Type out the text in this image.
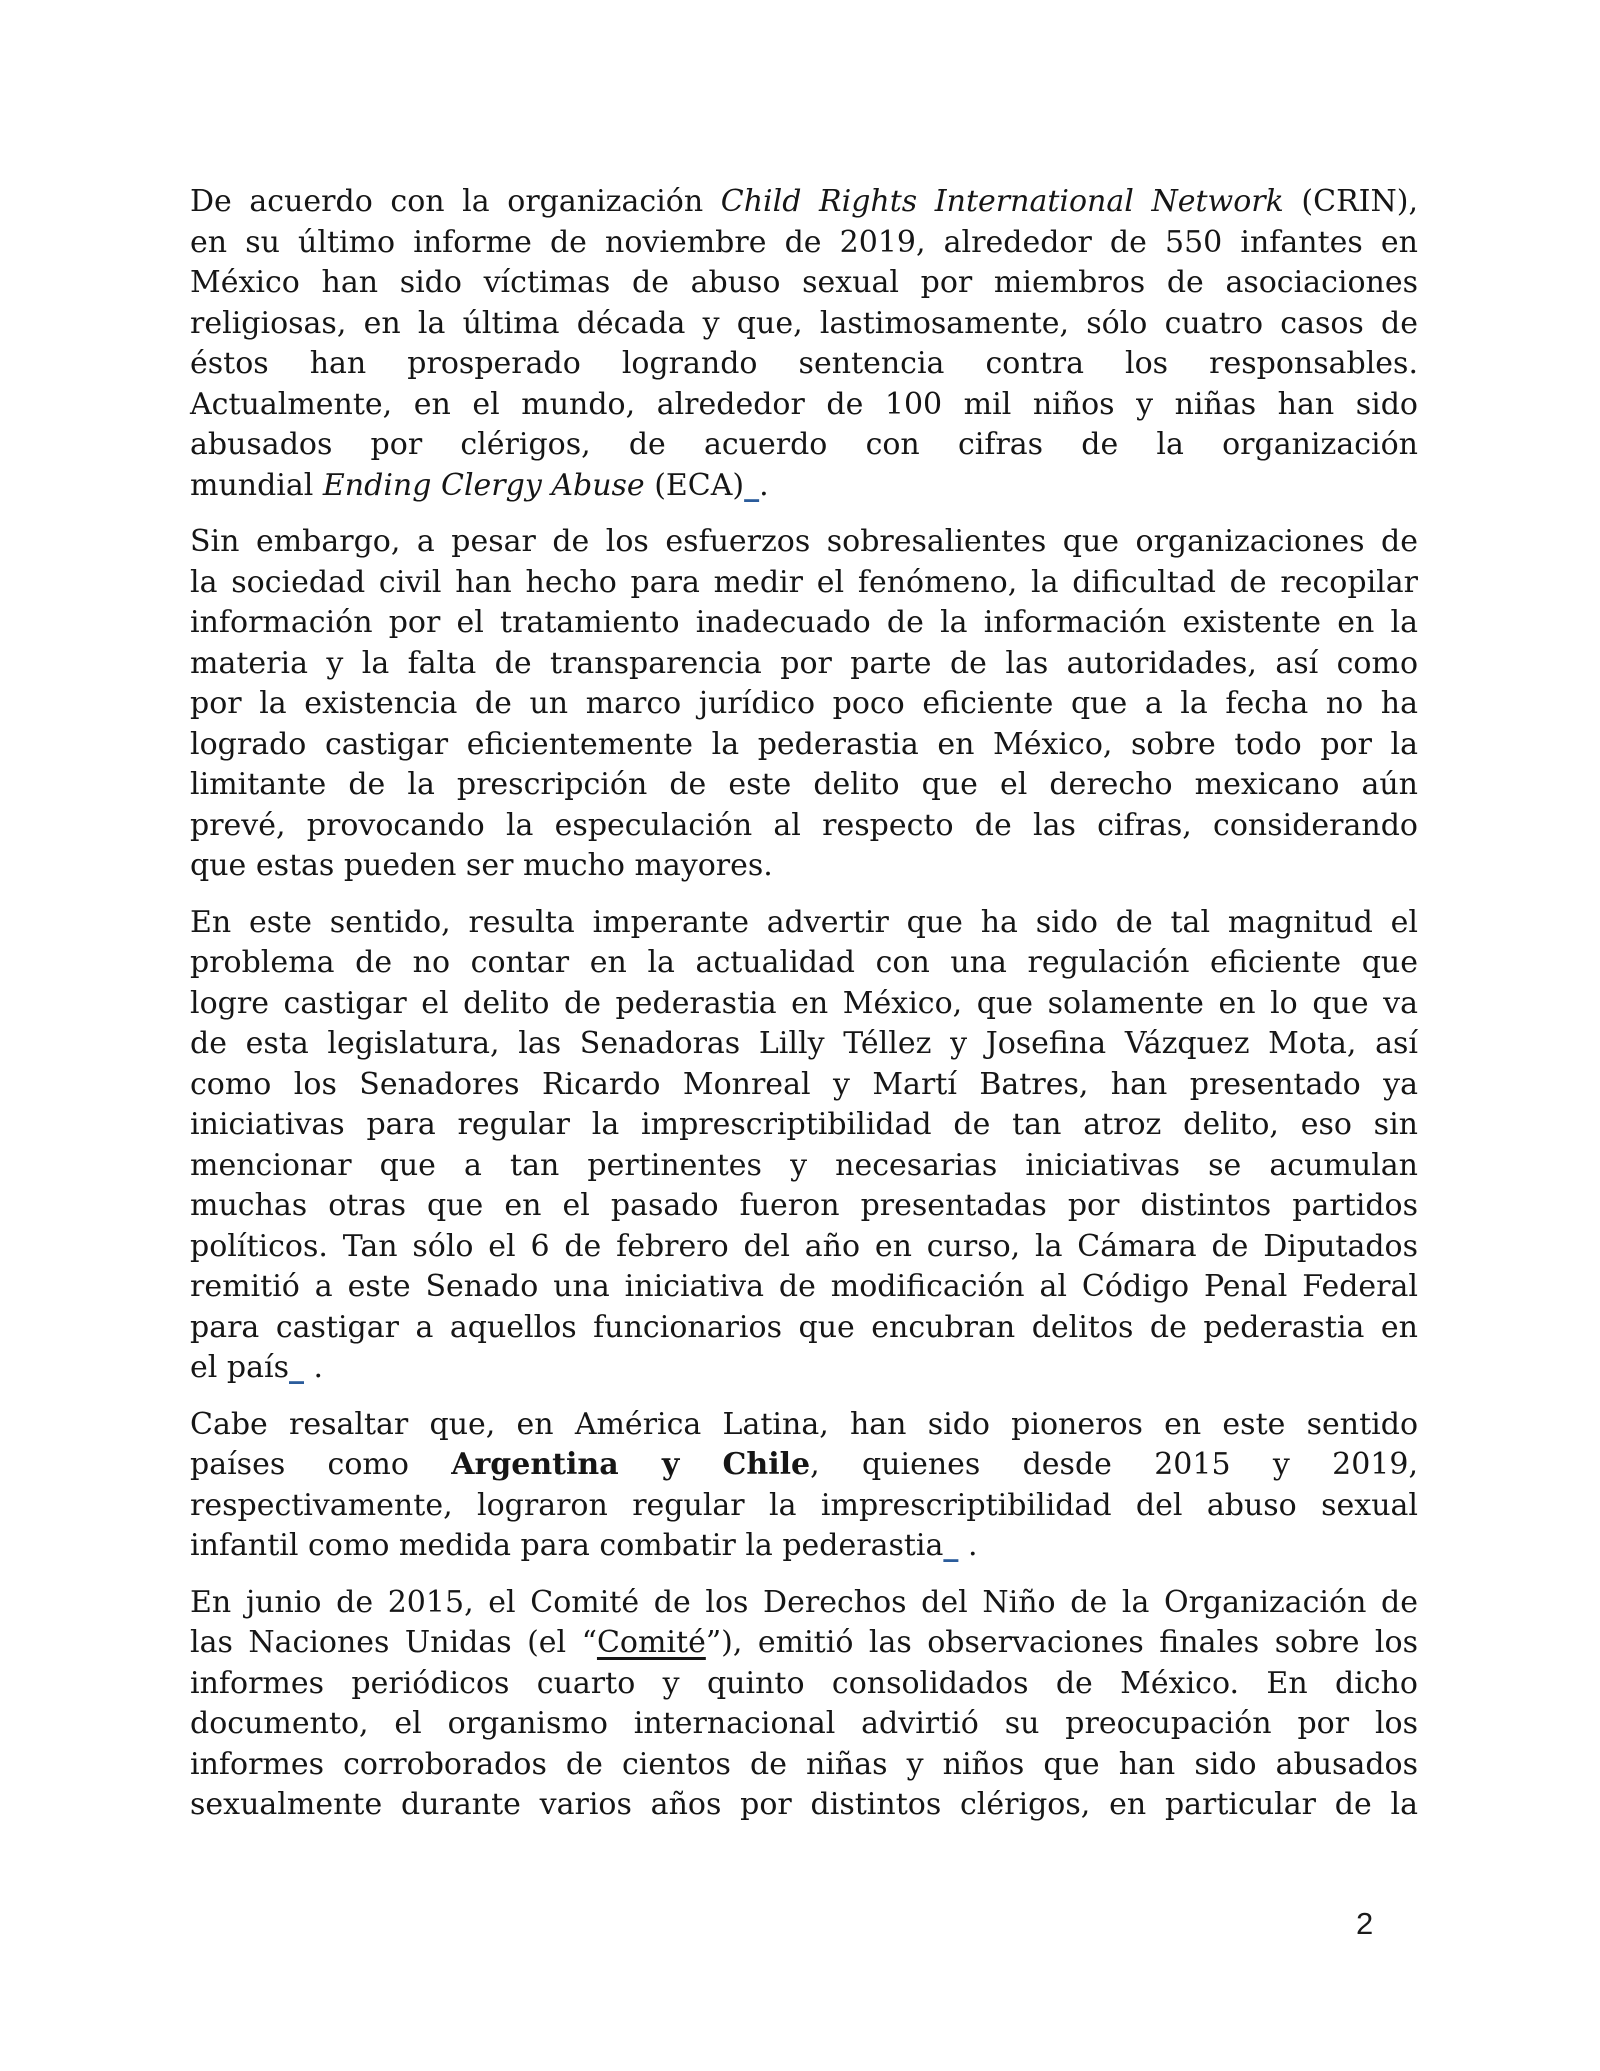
De acuerdo con la organización Child Rights International Network (CRIN),
en su último informe de noviembre de 2019, alrededor de 550 infantes en
México han sido víctimas de abuso sexual por miembros de asociaciones
religiosas, en la última década y que, lastimosamente, sólo cuatro casos de
éstos han prosperado logrando sentencia contra los responsables.
Actualmente, en el mundo, alrededor de 100 mil niños y niñas han sido
abusados por clérigos, de acuerdo con cifras de la organización
mundial Ending Clergy Abuse (ECA)_.
Sin embargo, a pesar de los esfuerzos sobresalientes que organizaciones de
la sociedad civil han hecho para medir el fenómeno, la dificultad de recopilar
información por el tratamiento inadecuado de la información existente en la
materia y la falta de transparencia por parte de las autoridades, así como
por la existencia de un marco jurídico poco eficiente que a la fecha no ha
logrado castigar eficientemente la pederastia en México, sobre todo por la
limitante de la prescripción de este delito que el derecho mexicano aún
prevé, provocando la especulación al respecto de las cifras, considerando
que estas pueden ser mucho mayores.
En este sentido, resulta imperante advertir que ha sido de tal magnitud el
problema de no contar en la actualidad con una regulación eficiente que
logre castigar el delito de pederastia en México, que solamente en lo que va
de esta legislatura, las Senadoras Lilly Téllez y Josefina Vázquez Mota, así
como los Senadores Ricardo Monreal y Martí Batres, han presentado ya
iniciativas para regular la imprescriptibilidad de tan atroz delito, eso sin
mencionar que a tan pertinentes y necesarias iniciativas se acumulan
muchas otras que en el pasado fueron presentadas por distintos partidos
políticos. Tan sólo el 6 de febrero del año en curso, la Cámara de Diputados
remitió a este Senado una iniciativa de modificación al Código Penal Federal
para castigar a aquellos funcionarios que encubran delitos de pederastia en
el país_ .
Cabe resaltar que, en América Latina, han sido pioneros en este sentido
países como Argentina y Chile, quienes desde 2015 y 2019,
respectivamente, lograron regular la imprescriptibilidad del abuso sexual
infantil como medida para combatir la pederastia_ .
En junio de 2015, el Comité de los Derechos del Niño de la Organización de
las Naciones Unidas (el “Comité”), emitió las observaciones finales sobre los
informes periódicos cuarto y quinto consolidados de México. En dicho
documento, el organismo internacional advirtió su preocupación por los
informes corroborados de cientos de niñas y niños que han sido abusados
sexualmente durante varios años por distintos clérigos, en particular de la
2
